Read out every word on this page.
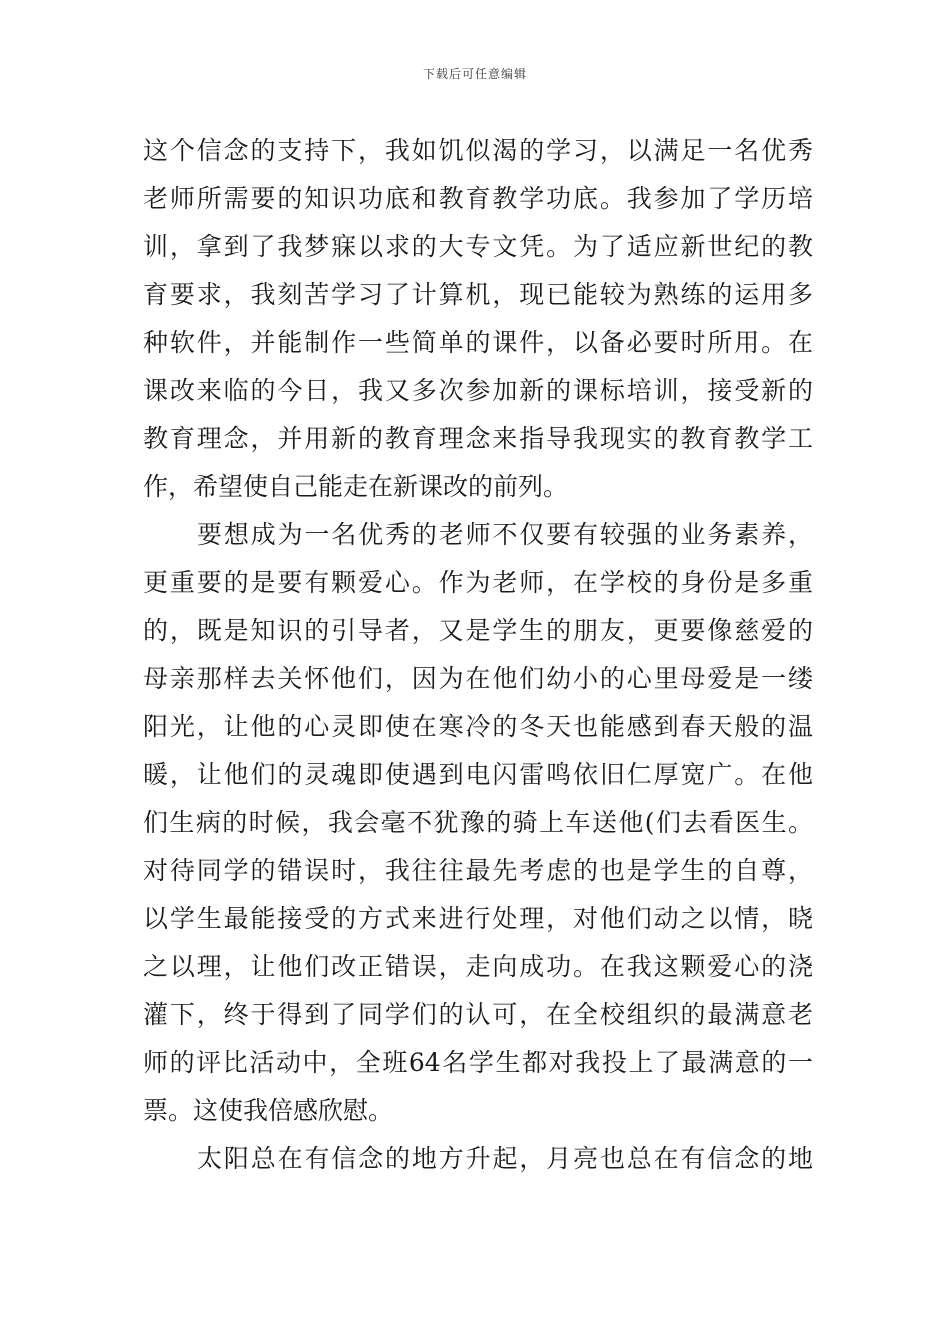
下载后可任意编辑
这个信念的支持下，我如饥似渴的学习，以满足一名优秀
老师所需要的知识功底和教育教学功底。我参加了学历培
训，拿到了我梦寐以求的大专文凭。为了适应新世纪的教
育要求，我刻苦学习了计算机，现已能较为熟练的运用多
种软件，并能制作一些简单的课件，以备必要时所用。在
课改来临的今日，我又多次参加新的课标培训，接受新的
教育理念，并用新的教育理念来指导我现实的教育教学工
作，希望使自己能走在新课改的前列。
要想成为一名优秀的老师不仅要有较强的业务素养，
更重要的是要有颗爱心。作为老师，在学校的身份是多重
的，既是知识的引导者，又是学生的朋友，更要像慈爱的
母亲那样去关怀他们，因为在他们幼小的心里母爱是一缕
阳光，让他的心灵即使在寒冷的冬天也能感到春天般的温
暖，让他们的灵魂即使遇到电闪雷鸣依旧仁厚宽广。在他
们生病的时候，我会毫不犹豫的骑上车送他(们去看医生。
对待同学的错误时，我往往最先考虑的也是学生的自尊，
以学生最能接受的方式来进行处理，对他们动之以情，晓
之以理，让他们改正错误，走向成功。在我这颗爱心的浇
灌下，终于得到了同学们的认可，在全校组织的最满意老
师的评比活动中，全班64名学生都对我投上了最满意的一
票。这使我倍感欣慰。
太阳总在有信念的地方升起，月亮也总在有信念的地
